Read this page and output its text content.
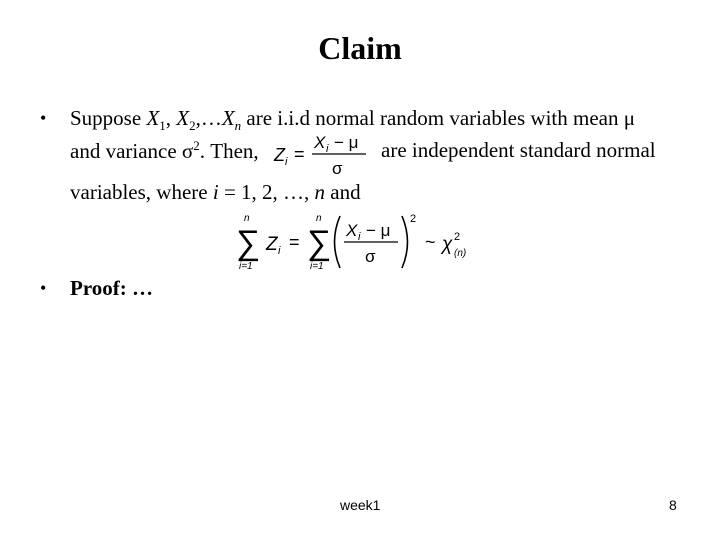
Claim
• Suppose $X_1$, $X_2,\dots X_n$ are i.i.d normal random variables with mean μ
and variance $\sigma^2$. Then,	are independent standard normal
Z i =
X i − μ
σ
variables, where i = 1, 2, …, n and
n
∑
i=1
Z i =
n
∑
i=1
X i − μ
σ
2
~ χ 2
(n)
• Proof: …
week1	8
